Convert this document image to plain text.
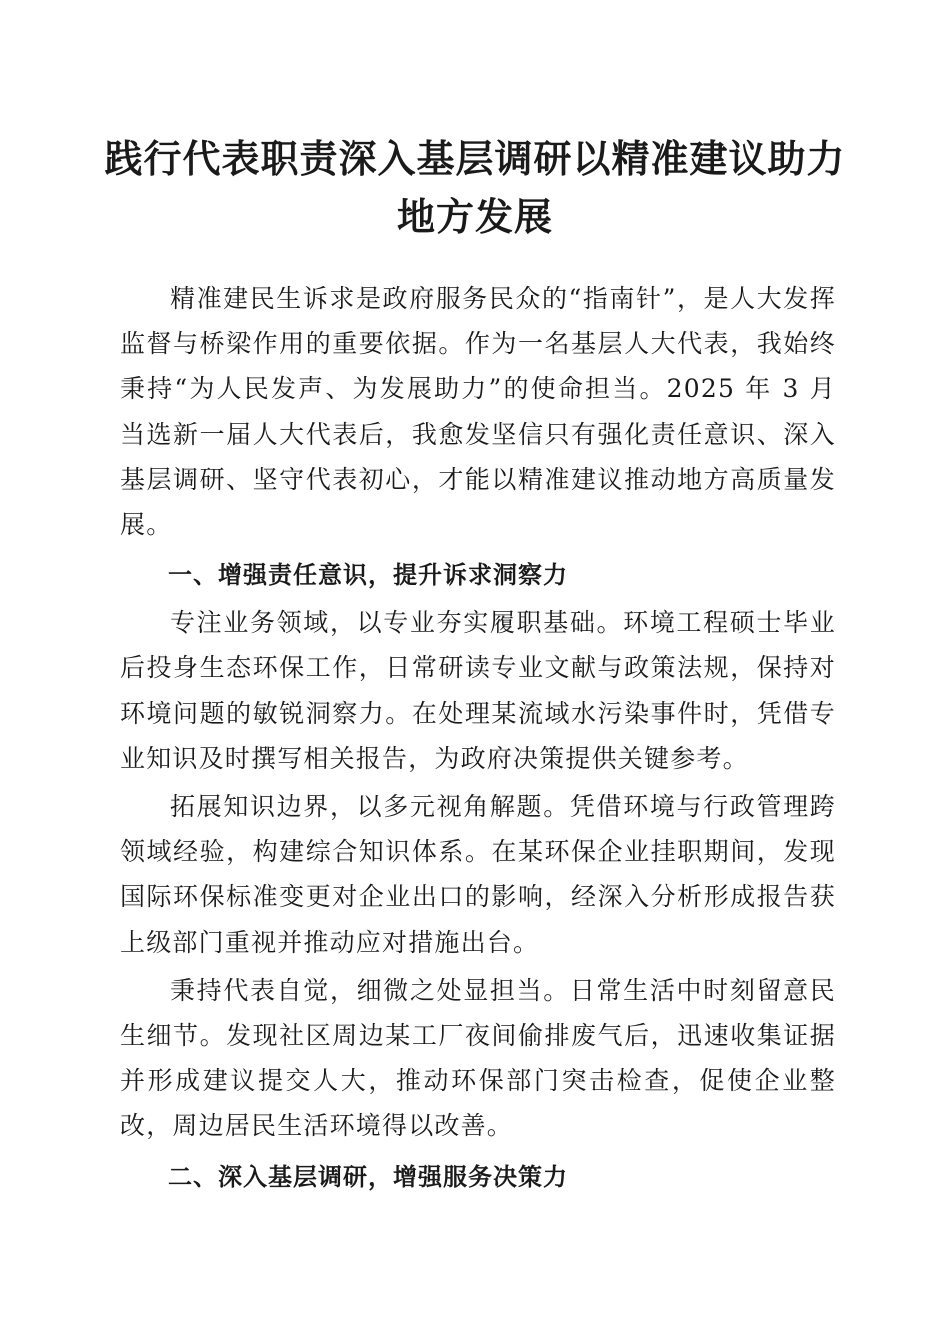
践行代表职责深入基层调研以精准建议助力地方发展

精准建民生诉求是政府服务民众的“指南针”，是人大发挥监督与桥梁作用的重要依据。作为一名基层人大代表，我始终秉持“为人民发声、为发展助力”的使命担当。2025 年 3 月当选新一届人大代表后，我愈发坚信只有强化责任意识、深入基层调研、坚守代表初心，才能以精准建议推动地方高质量发展。

一、增强责任意识，提升诉求洞察力

专注业务领域，以专业夯实履职基础。环境工程硕士毕业后投身生态环保工作，日常研读专业文献与政策法规，保持对环境问题的敏锐洞察力。在处理某流域水污染事件时，凭借专业知识及时撰写相关报告，为政府决策提供关键参考。

拓展知识边界，以多元视角解题。凭借环境与行政管理跨领域经验，构建综合知识体系。在某环保企业挂职期间，发现国际环保标准变更对企业出口的影响，经深入分析形成报告获上级部门重视并推动应对措施出台。

秉持代表自觉，细微之处显担当。日常生活中时刻留意民生细节。发现社区周边某工厂夜间偷排废气后，迅速收集证据并形成建议提交人大，推动环保部门突击检查，促使企业整改，周边居民生活环境得以改善。

二、深入基层调研，增强服务决策力
